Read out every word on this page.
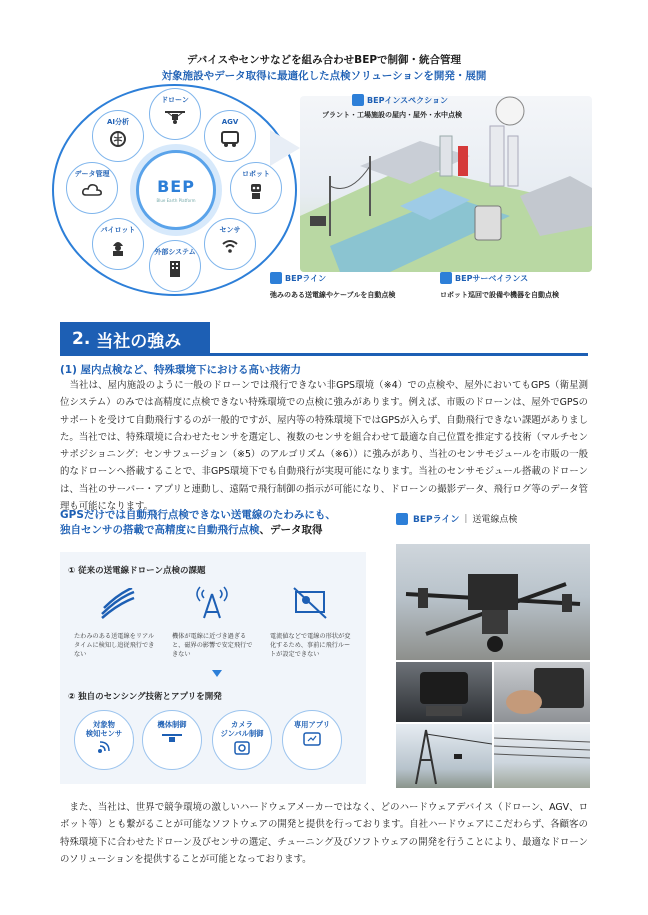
デバイスやセンサなどを組み合わせBEPで制御・統合管理
対象施設やデータ取得に最適化した点検ソリューションを開発・展開
BEP
Blue Earth Platform
ドローン
AGV
ロボット
センサ
外部システム
パイロット
データ管理
AI分析
BEPインスペクション
プラント・工場施設の屋内・屋外・水中点検
BEPライン
弛みのある送電線やケーブルを自動点検
BEPサーベイランス
ロボット巡回で設備や機器を自動点検
2.
当社の強み
(1) 屋内点検など、特殊環境下における高い技術力
　当社は、屋内施設のように一般のドローンでは飛行できない非GPS環境（※4）での点検や、屋外においてもGPS（衛星測位システム）のみでは高精度に点検できない特殊環境での点検に強みがあります。例えば、市販のドローンは、屋外でGPSのサポートを受けて自動飛行するのが一般的ですが、屋内等の特殊環境下ではGPSが入らず、自動飛行できない課題がありました。当社では、特殊環境に合わせたセンサを選定し、複数のセンサを組合わせて最適な自己位置を推定する技術（マルチセンサポジショニング：センサフュージョン（※5）のアルゴリズム（※6））に強みがあり、当社のセンサモジュールを市販の一般的なドローンへ搭載することで、非GPS環境下でも自動飛行が実現可能になります。当社のセンサモジュール搭載のドローンは、当社のサーバー・アプリと連動し、遠隔で飛行制御の指示が可能になり、ドローンの撮影データ、飛行ログ等のデータ管理も可能になります。
GPSだけでは自動飛行点検できない送電線のたわみにも、
独自センサの搭載で高精度に自動飛行点検、データ取得
① 従来の送電線ドローン点検の課題
たわみのある送電線をリアルタイムに検知し追従飛行できない
機体が電線に近づき過ぎると、磁界の影響で安定飛行できない
電流値などで電線の形状が変化するため、事前に飛行ルートが設定できない
② 独自のセンシング技術とアプリを開発
対象物
検知センサ
機体制御	カメラ
ジンバル制御
専用アプリ
BEPライン | 送電線点検
　また、当社は、世界で競争環境の激しいハードウェアメーカーではなく、どのハードウェアデバイス（ドローン、AGV、ロボット等）とも繋がることが可能なソフトウェアの開発と提供を行っております。自社ハードウェアにこだわらず、各顧客の特殊環境下に合わせたドローン及びセンサの選定、チューニング及びソフトウェアの開発を行うことにより、最適なドローンのソリューションを提供することが可能となっております。
